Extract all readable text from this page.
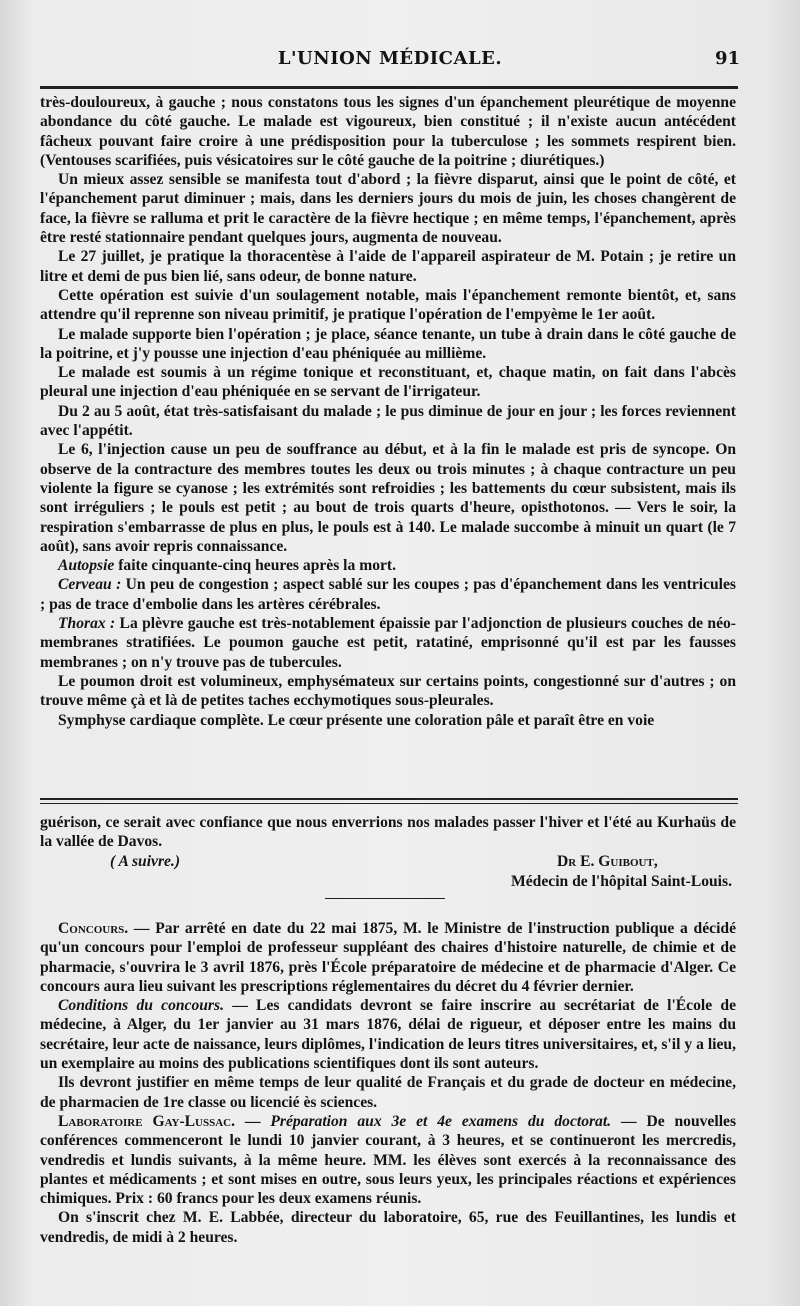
L'UNION MÉDICALE.	91

très-douloureux, à gauche ; nous constatons tous les signes d'un épanchement pleurétique de moyenne abondance du côté gauche. Le malade est vigoureux, bien constitué ; il n'existe aucun antécédent fâcheux pouvant faire croire à une prédisposition pour la tuberculose ; les sommets respirent bien. (Ventouses scarifiées, puis vésicatoires sur le côté gauche de la poitrine ; diurétiques.)

Un mieux assez sensible se manifesta tout d'abord ; la fièvre disparut, ainsi que le point de côté, et l'épanchement parut diminuer ; mais, dans les derniers jours du mois de juin, les choses changèrent de face, la fièvre se ralluma et prit le caractère de la fièvre hectique ; en même temps, l'épanchement, après être resté stationnaire pendant quelques jours, augmenta de nouveau.

Le 27 juillet, je pratique la thoracentèse à l'aide de l'appareil aspirateur de M. Potain ; je retire un litre et demi de pus bien lié, sans odeur, de bonne nature.

Cette opération est suivie d'un soulagement notable, mais l'épanchement remonte bientôt, et, sans attendre qu'il reprenne son niveau primitif, je pratique l'opération de l'empyème le 1er août.

Le malade supporte bien l'opération ; je place, séance tenante, un tube à drain dans le côté gauche de la poitrine, et j'y pousse une injection d'eau phéniquée au millième.

Le malade est soumis à un régime tonique et reconstituant, et, chaque matin, on fait dans l'abcès pleural une injection d'eau phéniquée en se servant de l'irrigateur.

Du 2 au 5 août, état très-satisfaisant du malade ; le pus diminue de jour en jour ; les forces reviennent avec l'appétit.

Le 6, l'injection cause un peu de souffrance au début, et à la fin le malade est pris de syncope. On observe de la contracture des membres toutes les deux ou trois minutes ; à chaque contracture un peu violente la figure se cyanose ; les extrémités sont refroidies ; les battements du cœur subsistent, mais ils sont irréguliers ; le pouls est petit ; au bout de trois quarts d'heure, opisthotonos. — Vers le soir, la respiration s'embarrasse de plus en plus, le pouls est à 140. Le malade succombe à minuit un quart (le 7 août), sans avoir repris connaissance.

Autopsie faite cinquante-cinq heures après la mort.

Cerveau : Un peu de congestion ; aspect sablé sur les coupes ; pas d'épanchement dans les ventricules ; pas de trace d'embolie dans les artères cérébrales.

Thorax : La plèvre gauche est très-notablement épaissie par l'adjonction de plusieurs couches de néo-membranes stratifiées. Le poumon gauche est petit, ratatiné, emprisonné qu'il est par les fausses membranes ; on n'y trouve pas de tubercules.

Le poumon droit est volumineux, emphysémateux sur certains points, congestionné sur d'autres ; on trouve même çà et là de petites taches ecchymotiques sous-pleurales.

Symphyse cardiaque complète. Le cœur présente une coloration pâle et paraît être en voie

guérison, ce serait avec confiance que nous enverrions nos malades passer l'hiver et l'été au Kurhaüs de la vallée de Davos.

( A suivre.)	Dr E. Guibout,
Médecin de l'hôpital Saint-Louis.

Concours. — Par arrêté en date du 22 mai 1875, M. le Ministre de l'instruction publique a décidé qu'un concours pour l'emploi de professeur suppléant des chaires d'histoire naturelle, de chimie et de pharmacie, s'ouvrira le 3 avril 1876, près l'École préparatoire de médecine et de pharmacie d'Alger. Ce concours aura lieu suivant les prescriptions réglementaires du décret du 4 février dernier.

Conditions du concours. — Les candidats devront se faire inscrire au secrétariat de l'École de médecine, à Alger, du 1er janvier au 31 mars 1876, délai de rigueur, et déposer entre les mains du secrétaire, leur acte de naissance, leurs diplômes, l'indication de leurs titres universitaires, et, s'il y a lieu, un exemplaire au moins des publications scientifiques dont ils sont auteurs.

Ils devront justifier en même temps de leur qualité de Français et du grade de docteur en médecine, de pharmacien de 1re classe ou licencié ès sciences.

Laboratoire Gay-Lussac. — Préparation aux 3e et 4e examens du doctorat. — De nouvelles conférences commenceront le lundi 10 janvier courant, à 3 heures, et se continueront les mercredis, vendredis et lundis suivants, à la même heure. MM. les élèves sont exercés à la reconnaissance des plantes et médicaments ; et sont mises en outre, sous leurs yeux, les principales réactions et expériences chimiques. Prix : 60 francs pour les deux examens réunis.

On s'inscrit chez M. E. Labbée, directeur du laboratoire, 65, rue des Feuillantines, les lundis et vendredis, de midi à 2 heures.
